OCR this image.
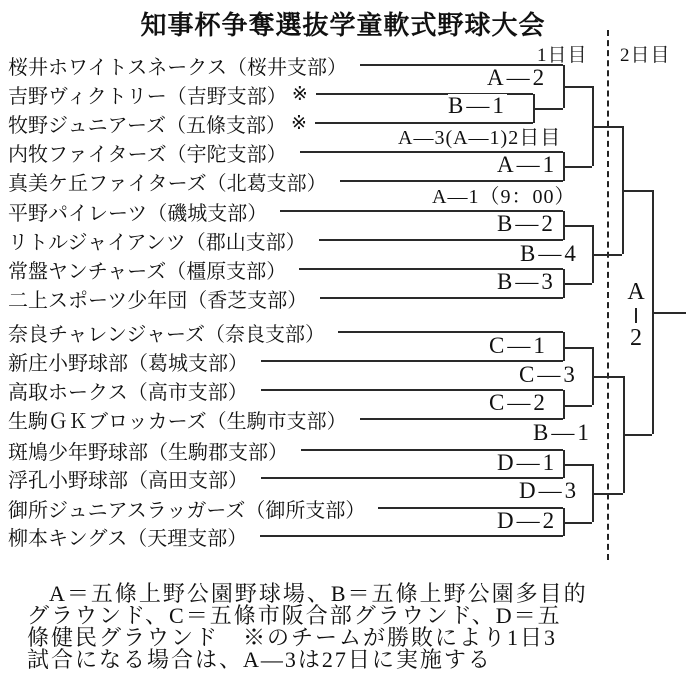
知事杯争奪選抜学童軟式野球大会
1日目 2日目
桜井ホワイトスネークス（桜井支部）
吉野ヴィクトリー（吉野支部） ※
牧野ジュニアーズ（五條支部） ※
内牧ファイターズ（宇陀支部）
真美ケ丘ファイターズ（北葛支部）
平野パイレーツ（磯城支部）
リトルジャイアンツ（郡山支部）
常盤ヤンチャーズ（橿原支部）
二上スポーツ少年団（香芝支部）
奈良チャレンジャーズ（奈良支部）
新庄小野球部（葛城支部）
高取ホークス（高市支部）
生駒ＧＫブロッカーズ（生駒市支部）
斑鳩少年野球部（生駒郡支部）
浮孔小野球部（高田支部）
御所ジュニアスラッガーズ（御所支部）
柳本キングス（天理支部）
A—2
B—1
A—3(A—1)2日目
A—1
A—1（9：00）
B—2
B—4
B—3
C—1
C—3
C—2
B—1
D—1
D—3
D—2
A
2
A＝五條上野公園野球場、B＝五條上野公園多目的
グラウンド、C＝五條市阪合部グラウンド、D＝五
條健民グラウンド　※のチームが勝敗により1日3
試合になる場合は、A—3は27日に実施する
